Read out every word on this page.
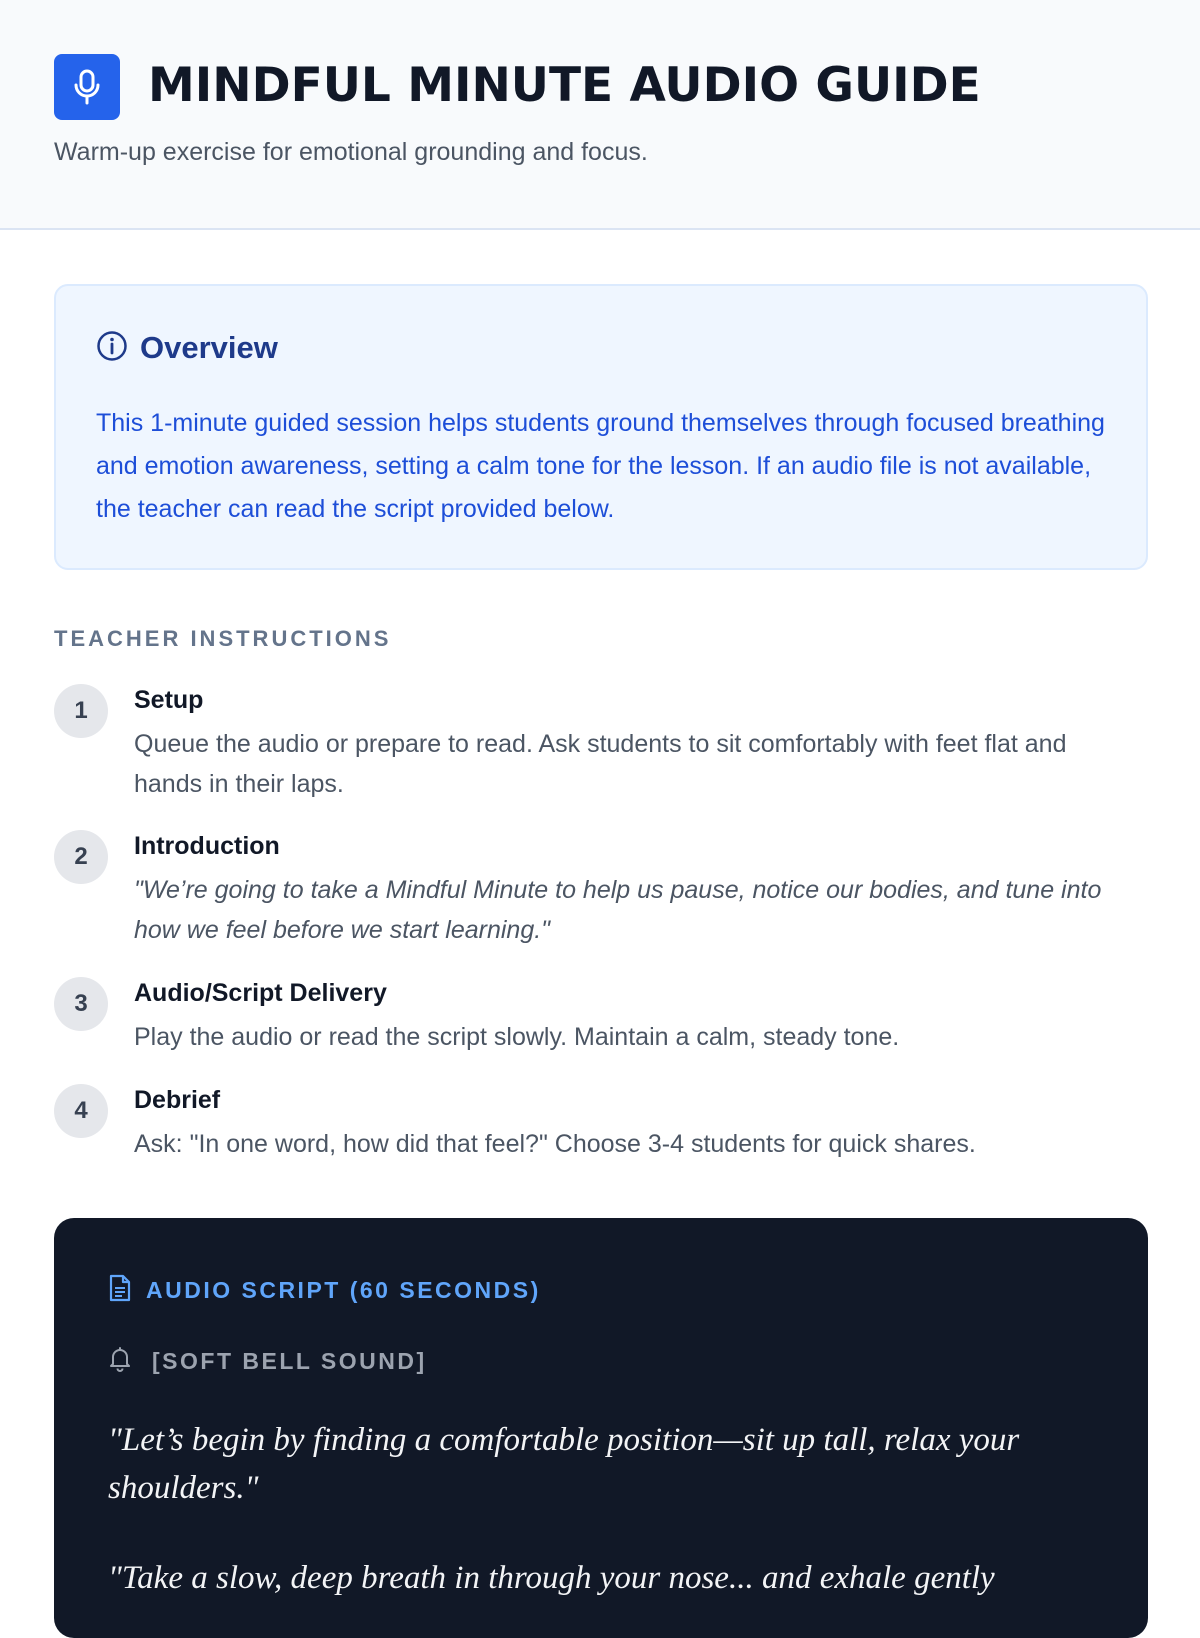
MINDFUL MINUTE AUDIO GUIDE

Warm-up exercise for emotional grounding and focus.

Overview

This 1-minute guided session helps students ground themselves through focused breathing and emotion awareness, setting a calm tone for the lesson. If an audio file is not available, the teacher can read the script provided below.

TEACHER INSTRUCTIONS
1	Setup
Queue the audio or prepare to read. Ask students to sit comfortably with feet flat and hands in their laps.
2	Introduction
"We’re going to take a Mindful Minute to help us pause, notice our bodies, and tune into how we feel before we start learning."
3	Audio/Script Delivery
Play the audio or read the script slowly. Maintain a calm, steady tone.
4	Debrief
Ask: "In one word, how did that feel?" Choose 3-4 students for quick shares.
AUDIO SCRIPT (60 SECONDS)
[SOFT BELL SOUND]

"Let’s begin by finding a comfortable position—sit up tall, relax your shoulders."

"Take a slow, deep breath in through your nose... and exhale gently
